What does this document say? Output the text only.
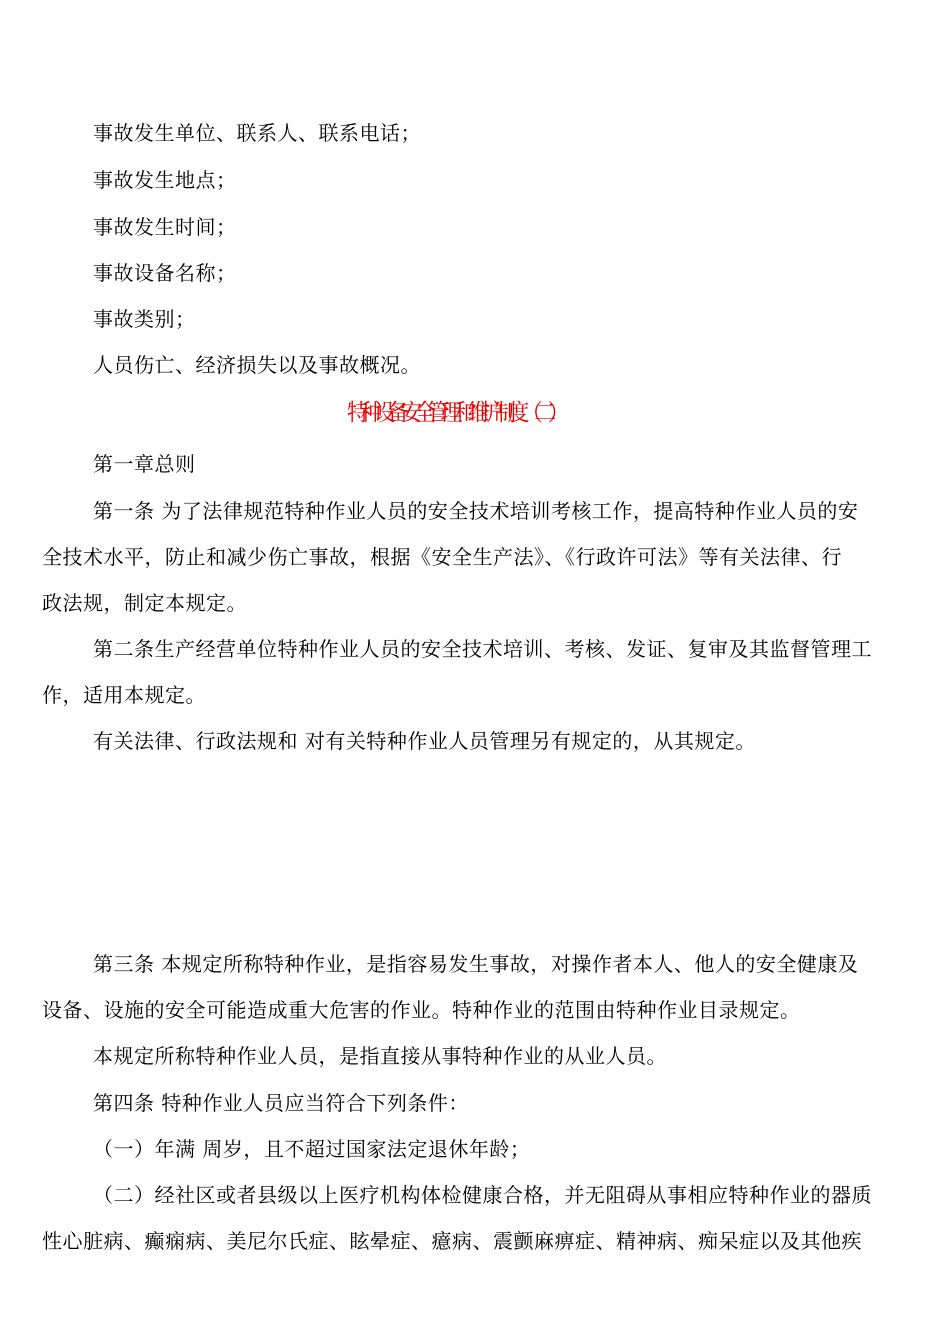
事故发生单位、联系人、联系电话；
事故发生地点；
事故发生时间；
事故设备名称；
事故类别；
人员伤亡、经济损失以及事故概况。
特种设备安全管理和维护制度（二）
第一章总则
第一条 为了法律规范特种作业人员的安全技术培训考核工作，提高特种作业人员的安
全技术水平，防止和减少伤亡事故，根据《安全生产法》、《行政许可法》等有关法律、行
政法规，制定本规定。
第二条生产经营单位特种作业人员的安全技术培训、考核、发证、复审及其监督管理工
作，适用本规定。
有关法律、行政法规和 对有关特种作业人员管理另有规定的，从其规定。
第三条 本规定所称特种作业，是指容易发生事故，对操作者本人、他人的安全健康及
设备、设施的安全可能造成重大危害的作业。特种作业的范围由特种作业目录规定。
本规定所称特种作业人员，是指直接从事特种作业的从业人员。
第四条 特种作业人员应当符合下列条件：
（一）年满 周岁，且不超过国家法定退休年龄；
（二）经社区或者县级以上医疗机构体检健康合格，并无阻碍从事相应特种作业的器质
性心脏病、癫痫病、美尼尔氏症、眩晕症、癔病、震颤麻痹症、精神病、痴呆症以及其他疾
